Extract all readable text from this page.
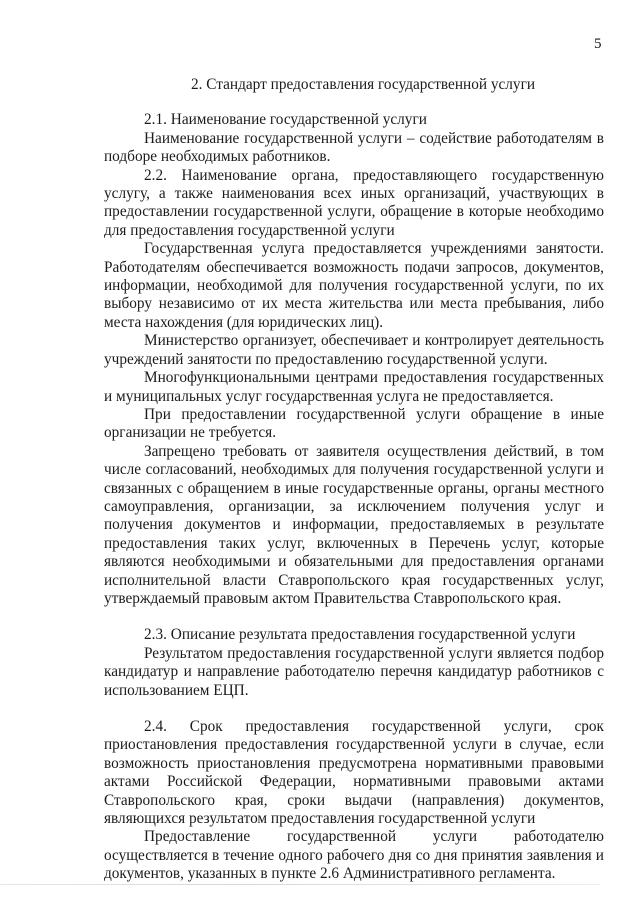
5

2. Стандарт предоставления государственной услуги

2.1. Наименование государственной услуги

Наименование государственной услуги – содействие работодателям в подборе необходимых работников.

2.2. Наименование органа, предоставляющего государственную услугу, а также наименования всех иных организаций, участвующих в предоставлении государственной услуги, обращение в которые необходимо для предоставления государственной услуги

Государственная услуга предоставляется учреждениями занятости. Работодателям обеспечивается возможность подачи запросов, документов, информации, необходимой для получения государственной услуги, по их выбору независимо от их места жительства или места пребывания, либо места нахождения (для юридических лиц).

Министерство организует, обеспечивает и контролирует деятельность учреждений занятости по предоставлению государственной услуги.

Многофункциональными центрами предоставления государственных и муниципальных услуг государственная услуга не предоставляется.

При предоставлении государственной услуги обращение в иные организации не требуется.

Запрещено требовать от заявителя осуществления действий, в том числе согласований, необходимых для получения государственной услуги и связанных с обращением в иные государственные органы, органы местного самоуправления, организации, за исключением получения услуг и получения документов и информации, предоставляемых в результате предоставления таких услуг, включенных в Перечень услуг, которые являются необходимыми и обязательными для предоставления органами исполнительной власти Ставропольского края государственных услуг, утверждаемый правовым актом Правительства Ставропольского края.

2.3. Описание результата предоставления государственной услуги

Результатом предоставления государственной услуги является подбор кандидатур и направление работодателю перечня кандидатур работников с использованием ЕЦП.

2.4. Срок предоставления государственной услуги, срок приостановления предоставления государственной услуги в случае, если возможность приостановления предусмотрена нормативными правовыми актами Российской Федерации, нормативными правовыми актами Ставропольского края, сроки выдачи (направления) документов, являющихся результатом предоставления государственной услуги

Предоставление государственной услуги работодателю осуществляется в течение одного рабочего дня со дня принятия заявления и документов, указанных в пункте 2.6 Административного регламента.
